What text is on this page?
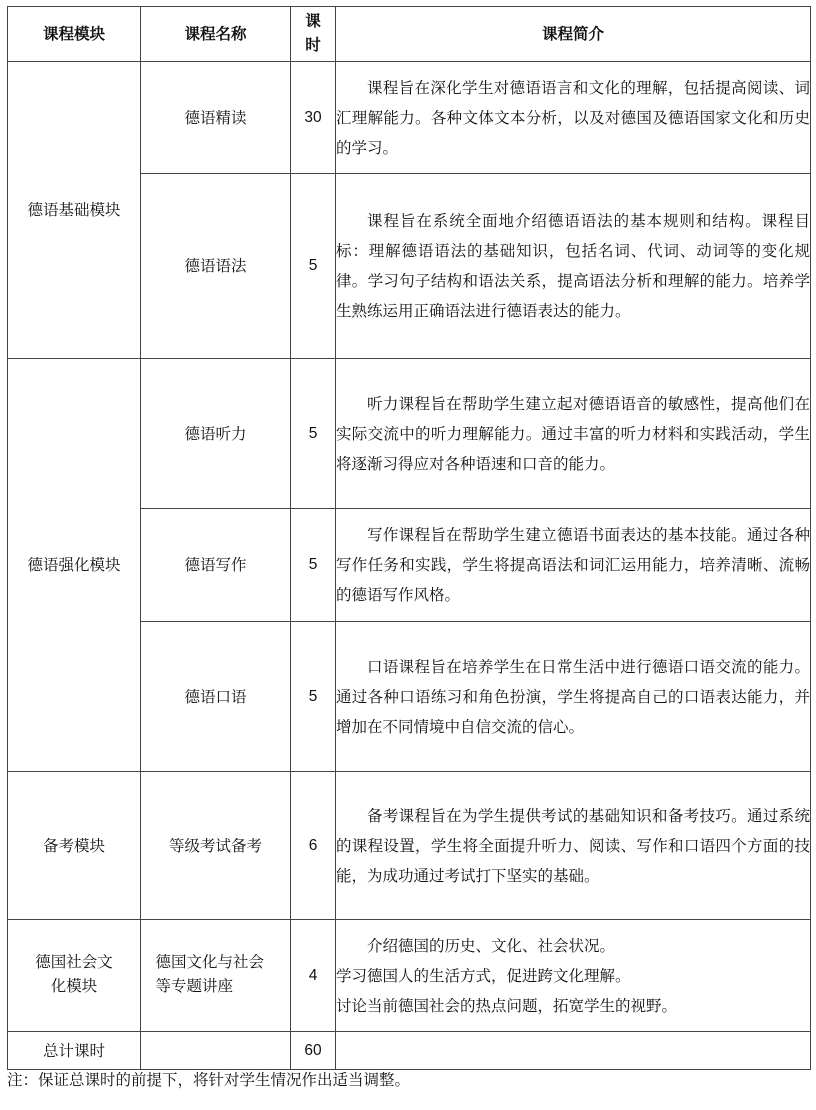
课程模块	课程名称	课时	课程简介
德语基础模块	德语精读	30	课程旨在深化学生对德语语言和文化的理解，包括提高阅读、词汇理解能力。各种文体文本分析，以及对德国及德语国家文化和历史的学习。

	德语语法	5	课程旨在系统全面地介绍德语语法的基本规则和结构。课程目标：理解德语语法的基础知识，包括名词、代词、动词等的变化规律。学习句子结构和语法关系，提高语法分析和理解的能力。培养学生熟练运用正确语法进行德语表达的能力。

德语强化模块	德语听力	5	听力课程旨在帮助学生建立起对德语语音的敏感性，提高他们在实际交流中的听力理解能力。通过丰富的听力材料和实践活动，学生将逐渐习得应对各种语速和口音的能力。

	德语写作	5	写作课程旨在帮助学生建立德语书面表达的基本技能。通过各种写作任务和实践，学生将提高语法和词汇运用能力，培养清晰、流畅的德语写作风格。

	德语口语	5	口语课程旨在培养学生在日常生活中进行德语口语交流的能力。通过各种口语练习和角色扮演，学生将提高自己的口语表达能力，并增加在不同情境中自信交流的信心。

备考模块	等级考试备考	6	备考课程旨在为学生提供考试的基础知识和备考技巧。通过系统的课程设置，学生将全面提升听力、阅读、写作和口语四个方面的技能，为成功通过考试打下坚实的基础。

德国社会文化模块	德国文化与社会等专题讲座	4	介绍德国的历史、文化、社会状况。

学习德国人的生活方式，促进跨文化理解。

讨论当前德国社会的热点问题，拓宽学生的视野。

总计课时		60	
注：保证总课时的前提下，将针对学生情况作出适当调整。
